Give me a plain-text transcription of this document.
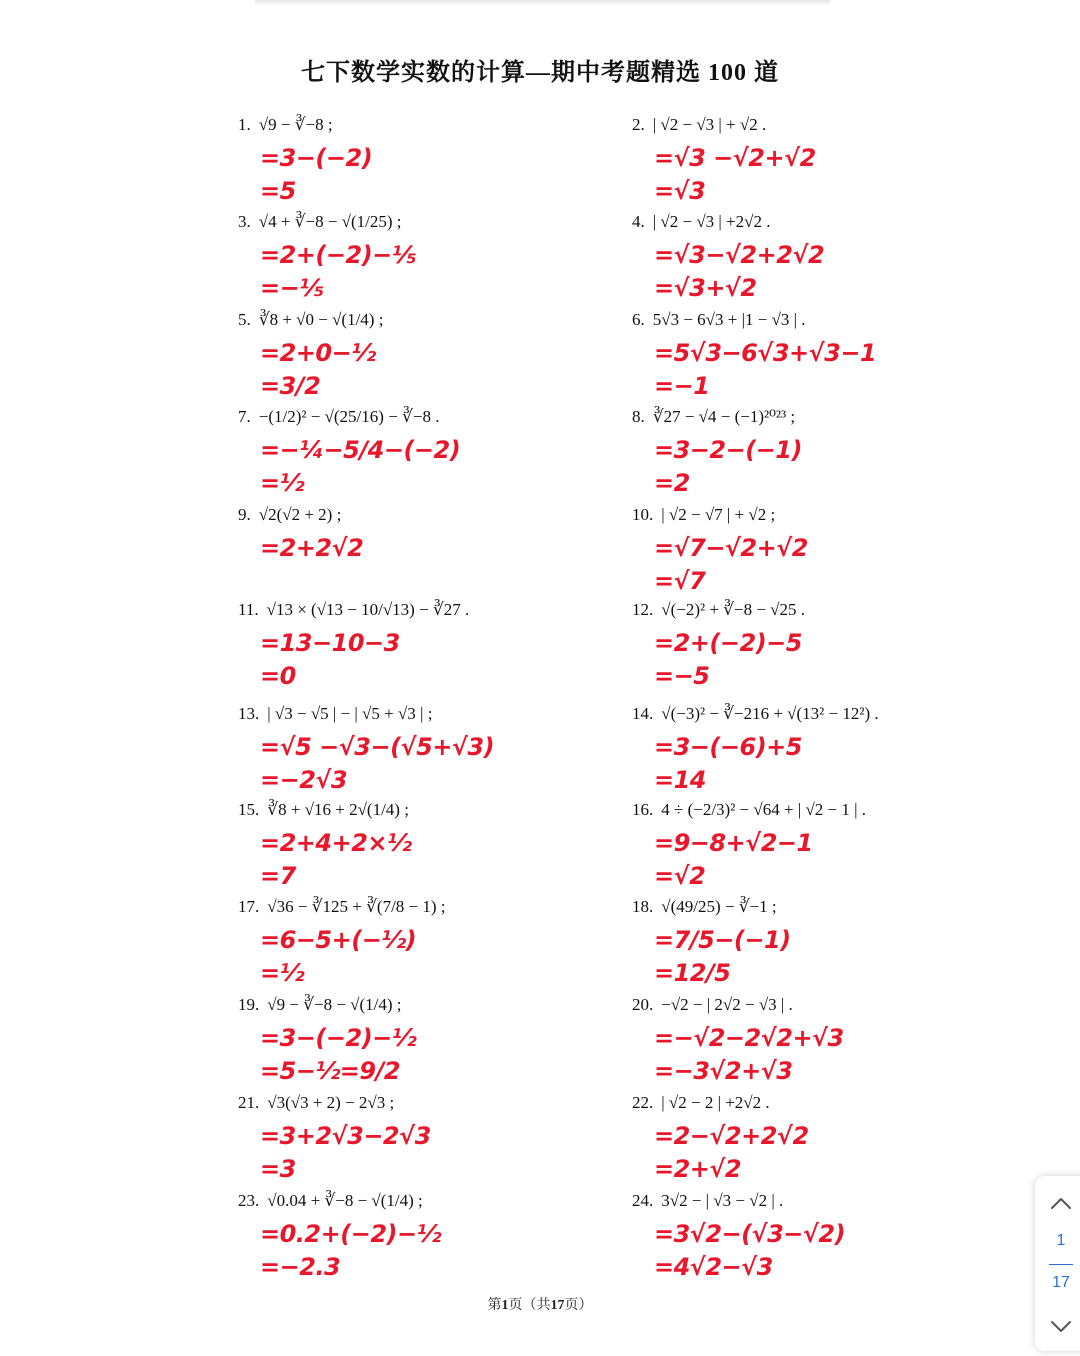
七下数学实数的计算—期中考题精选 100 道
1. √9 − ∛−8 ;
=3−(−2)
=5
2. | √2 − √3 | + √2 .
=√3 −√2+√2
=√3
3. √4 + ∛−8 − √(1/25) ;
=2+(−2)−⅕
=−⅕
4. | √2 − √3 | +2√2 .
=√3−√2+2√2
=√3+√2
5. ∛8 + √0 − √(1/4) ;
=2+0−½
=3/2
6. 5√3 − 6√3 + |1 − √3 | .
=5√3−6√3+√3−1
=−1
7. −(1/2)² − √(25/16) − ∛−8 .
=−¼−5/4−(−2)
=½
8. ∛27 − √4 − (−1)²⁰²³ ;
=3−2−(−1)
=2
9. √2(√2 + 2) ;
=2+2√2
10. | √2 − √7 | + √2 ;
=√7−√2+√2
=√7
11. √13 × (√13 − 10/√13) − ∛27 .
=13−10−3
=0
12. √(−2)² + ∛−8 − √25 .
=2+(−2)−5
=−5
13. | √3 − √5 | − | √5 + √3 | ;
=√5 −√3−(√5+√3)
=−2√3
14. √(−3)² − ∛−216 + √(13² − 12²) .
=3−(−6)+5
=14
15. ∛8 + √16 + 2√(1/4) ;
=2+4+2×½
=7
16. 4 ÷ (−2/3)² − √64 + | √2 − 1 | .
=9−8+√2−1
=√2
17. √36 − ∛125 + ∛(7/8 − 1) ;
=6−5+(−½)
=½
18. √(49/25) − ∛−1 ;
=7/5−(−1)
=12/5
19. √9 − ∛−8 − √(1/4) ;
=3−(−2)−½
=5−½=9/2
20. −√2 − | 2√2 − √3 | .
=−√2−2√2+√3
=−3√2+√3
21. √3(√3 + 2) − 2√3 ;
=3+2√3−2√3
=3
22. | √2 − 2 | +2√2 .
=2−√2+2√2
=2+√2
23. √0.04 + ∛−8 − √(1/4) ;
=0.2+(−2)−½
=−2.3
24. 3√2 − | √3 − √2 | .
=3√2−(√3−√2)
=4√2−√3
第1页（共17页）
1
17
